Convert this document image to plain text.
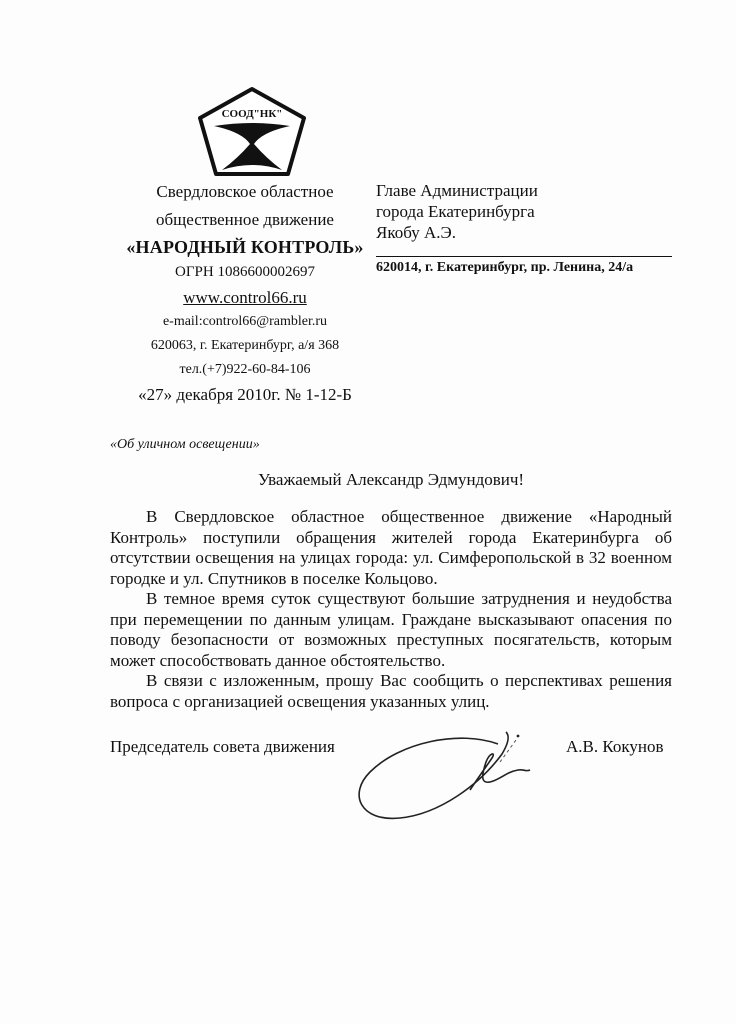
СООД"НК"
Свердловское областное
общественное движение
«НАРОДНЫЙ КОНТРОЛЬ»
ОГРН 1086600002697
www.control66.ru
e-mail:control66@rambler.ru
620063, г. Екатеринбург, а/я 368
тел.(+7)922-60-84-106
«27» декабря 2010г. № 1-12-Б
Главе Администрации
города Екатеринбурга
Якобу А.Э.
620014, г. Екатеринбург, пр. Ленина, 24/а
«Об уличном освещении»
Уважаемый Александр Эдмундович!

В Свердловское областное общественное движение «Народный Контроль» поступили обращения жителей города Екатеринбурга об отсутствии освещения на улицах города: ул. Симферопольской в 32 военном городке и ул. Спутников в поселке Кольцово.

В темное время суток существуют большие затруднения и неудобства при перемещении по данным улицам. Граждане высказывают опасения по поводу безопасности от возможных преступных посягательств, которым может способствовать данное обстоятельство.

В связи с изложенным, прошу Вас сообщить о перспективах решения вопроса с организацией освещения указанных улиц.

Председатель совета движения	А.В. Кокунов
